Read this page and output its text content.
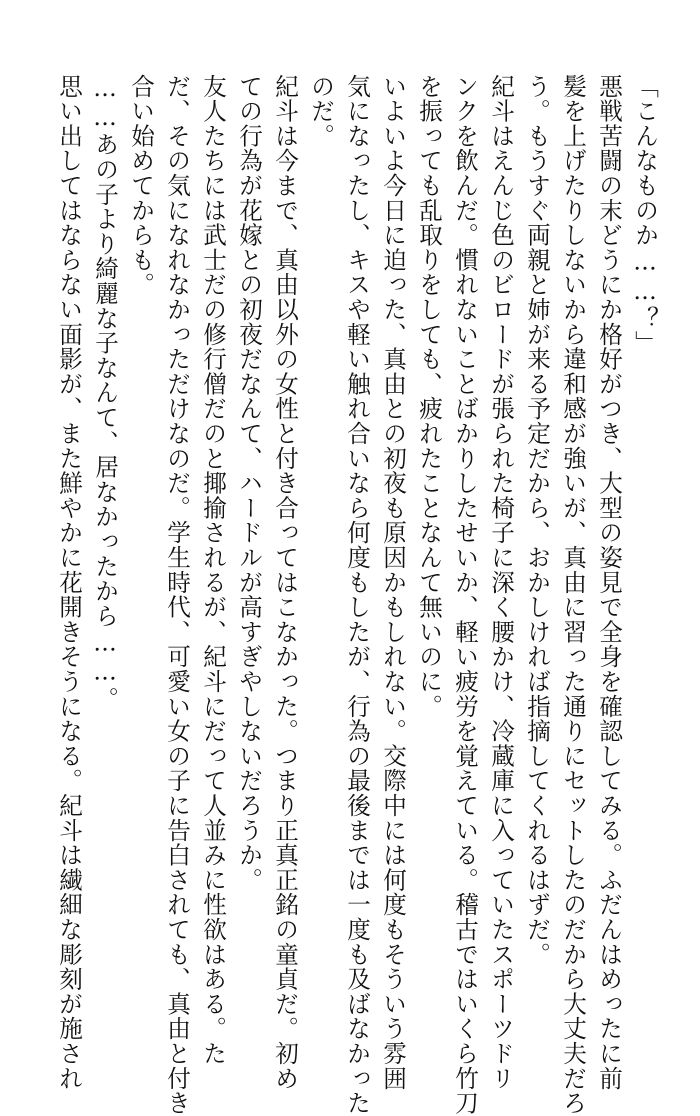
「こんなものか……？」
悪戦苦闘の末どうにか格好がつき、大型の姿見で全身を確認してみる。ふだんはめったに前
髪を上げたりしないから違和感が強いが、真由に習った通りにセットしたのだから大丈夫だろ
う。もうすぐ両親と姉が来る予定だから、おかしければ指摘してくれるはずだ。
紀斗はえんじ色のビロードが張られた椅子に深く腰かけ、冷蔵庫に入っていたスポーツドリ
ンクを飲んだ。慣れないことばかりしたせいか、軽い疲労を覚えている。稽古ではいくら竹刀
を振っても乱取りをしても、疲れたことなんて無いのに。
いよいよ今日に迫った、真由との初夜も原因かもしれない。交際中には何度もそういう雰囲
気になったし、キスや軽い触れ合いなら何度もしたが、行為の最後までは一度も及ばなかった
のだ。
紀斗は今まで、真由以外の女性と付き合ってはこなかった。つまり正真正銘の童貞だ。初め
ての行為が花嫁との初夜だなんて、ハードルが高すぎやしないだろうか。
友人たちには武士だの修行僧だのと揶揄されるが、紀斗にだって人並みに性欲はある。た
だ、その気になれなかっただけなのだ。学生時代、可愛い女の子に告白されても、真由と付き
合い始めてからも。
……あの子より綺麗な子なんて、居なかったから……。
思い出してはならない面影が、また鮮やかに花開きそうになる。紀斗は繊細な彫刻が施され
